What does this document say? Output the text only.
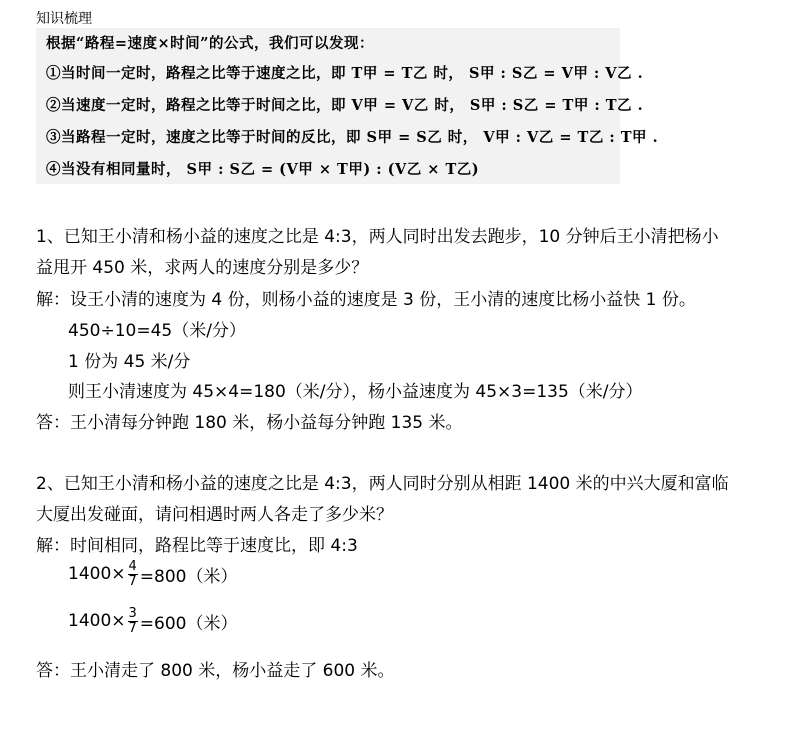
知识梳理
根据“路程=速度×时间”的公式，我们可以发现：
①当时间一定时，路程之比等于速度之比，即 T甲 = T乙 时， S甲 : S乙 = V甲 : V乙 .
②当速度一定时，路程之比等于时间之比，即 V甲 = V乙 时， S甲 : S乙 = T甲 : T乙 .
③当路程一定时，速度之比等于时间的反比，即 S甲 = S乙 时， V甲 : V乙 = T乙 : T甲 .
④当没有相同量时， S甲 : S乙 = (V甲 × T甲) : (V乙 × T乙)
1、已知王小清和杨小益的速度之比是 4:3，两人同时出发去跑步，10 分钟后王小清把杨小
益甩开 450 米，求两人的速度分别是多少？
解：设王小清的速度为 4 份，则杨小益的速度是 3 份，王小清的速度比杨小益快 1 份。
450÷10=45（米/分）
1 份为 45 米/分
则王小清速度为 45×4=180（米/分），杨小益速度为 45×3=135（米/分）
答：王小清每分钟跑 180 米，杨小益每分钟跑 135 米。
2、已知王小清和杨小益的速度之比是 4:3，两人同时分别从相距 1400 米的中兴大厦和富临
大厦出发碰面，请问相遇时两人各走了多少米？
解：时间相同，路程比等于速度比，即 4:3
$1400\times \frac{4}{7} =800$（米）
$1400\times \frac{3}{7} =600$（米）
答：王小清走了 800 米，杨小益走了 600 米。
